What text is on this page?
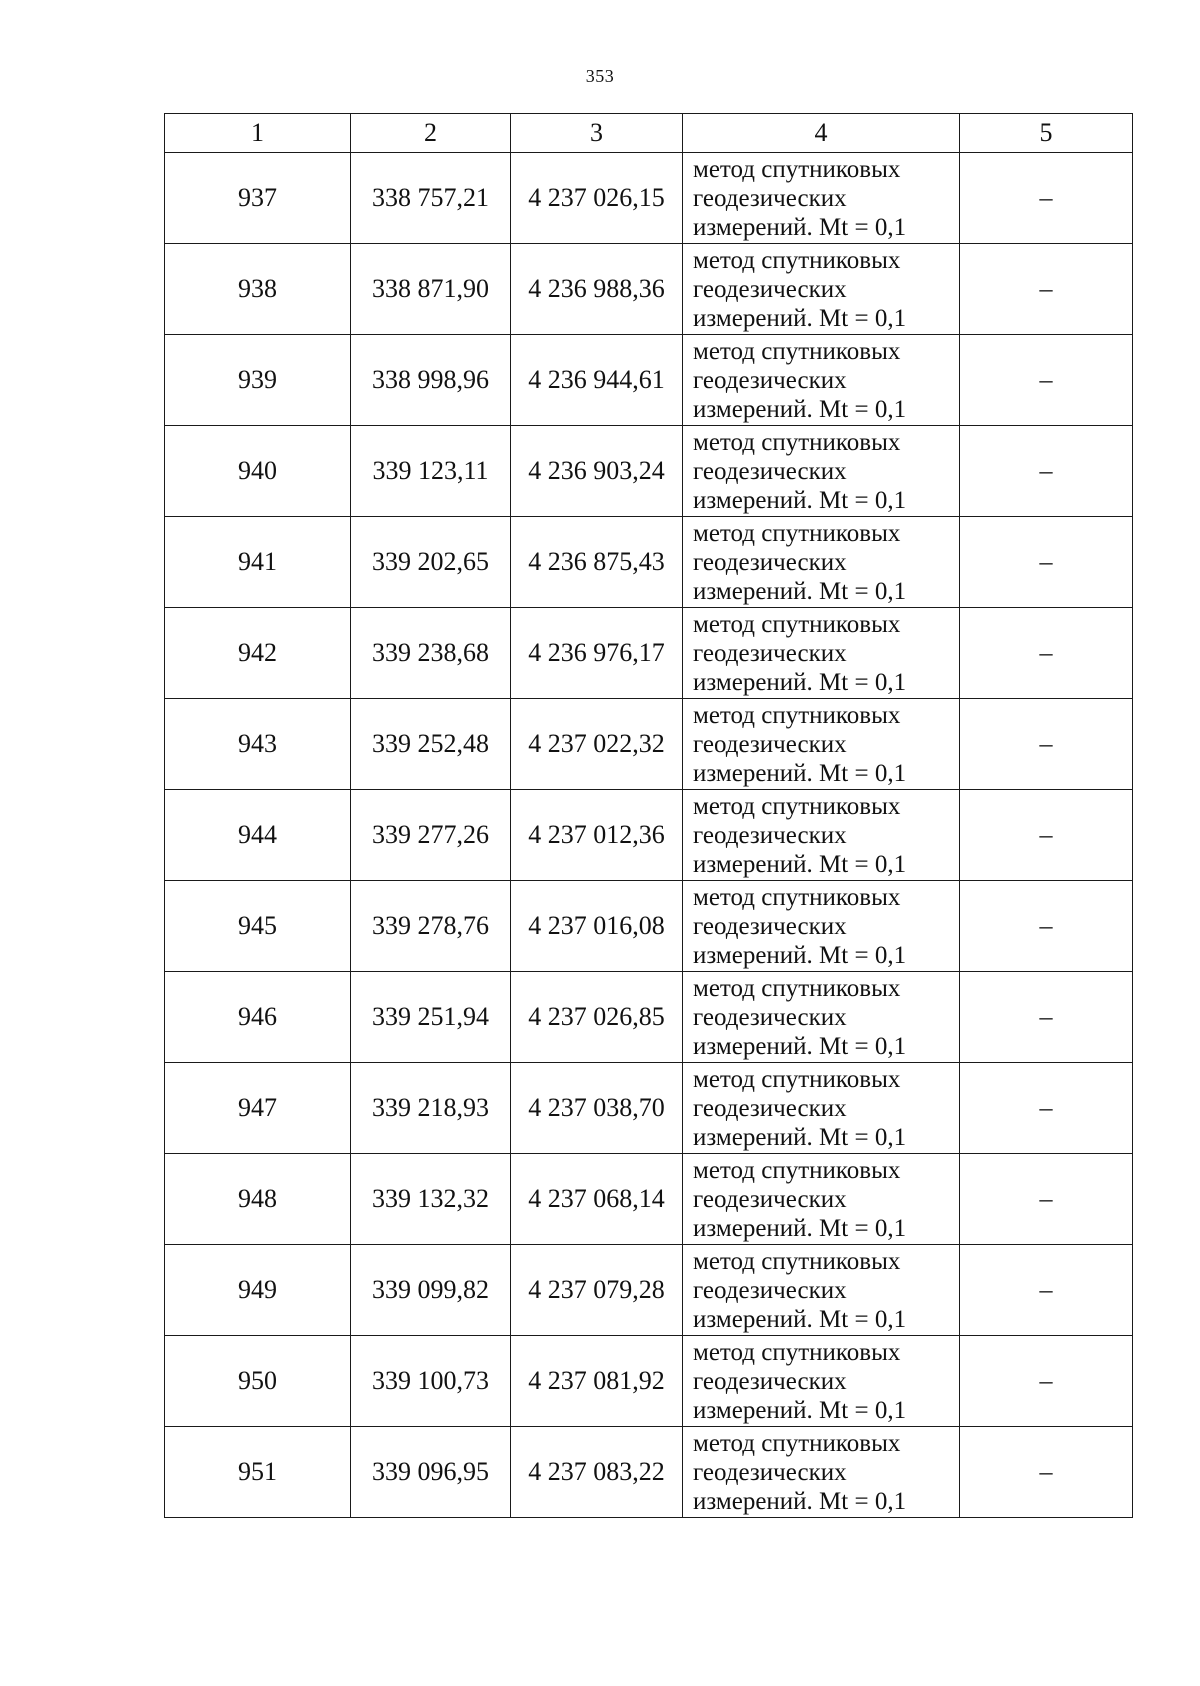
353
1	2	3	4	5
937	338 757,21	4 237 026,15	метод спутниковых
геодезических
измерений. Mt = 0,1	–
938	338 871,90	4 236 988,36	метод спутниковых
геодезических
измерений. Mt = 0,1	–
939	338 998,96	4 236 944,61	метод спутниковых
геодезических
измерений. Mt = 0,1	–
940	339 123,11	4 236 903,24	метод спутниковых
геодезических
измерений. Mt = 0,1	–
941	339 202,65	4 236 875,43	метод спутниковых
геодезических
измерений. Mt = 0,1	–
942	339 238,68	4 236 976,17	метод спутниковых
геодезических
измерений. Mt = 0,1	–
943	339 252,48	4 237 022,32	метод спутниковых
геодезических
измерений. Mt = 0,1	–
944	339 277,26	4 237 012,36	метод спутниковых
геодезических
измерений. Mt = 0,1	–
945	339 278,76	4 237 016,08	метод спутниковых
геодезических
измерений. Mt = 0,1	–
946	339 251,94	4 237 026,85	метод спутниковых
геодезических
измерений. Mt = 0,1	–
947	339 218,93	4 237 038,70	метод спутниковых
геодезических
измерений. Mt = 0,1	–
948	339 132,32	4 237 068,14	метод спутниковых
геодезических
измерений. Mt = 0,1	–
949	339 099,82	4 237 079,28	метод спутниковых
геодезических
измерений. Mt = 0,1	–
950	339 100,73	4 237 081,92	метод спутниковых
геодезических
измерений. Mt = 0,1	–
951	339 096,95	4 237 083,22	метод спутниковых
геодезических
измерений. Mt = 0,1	–
